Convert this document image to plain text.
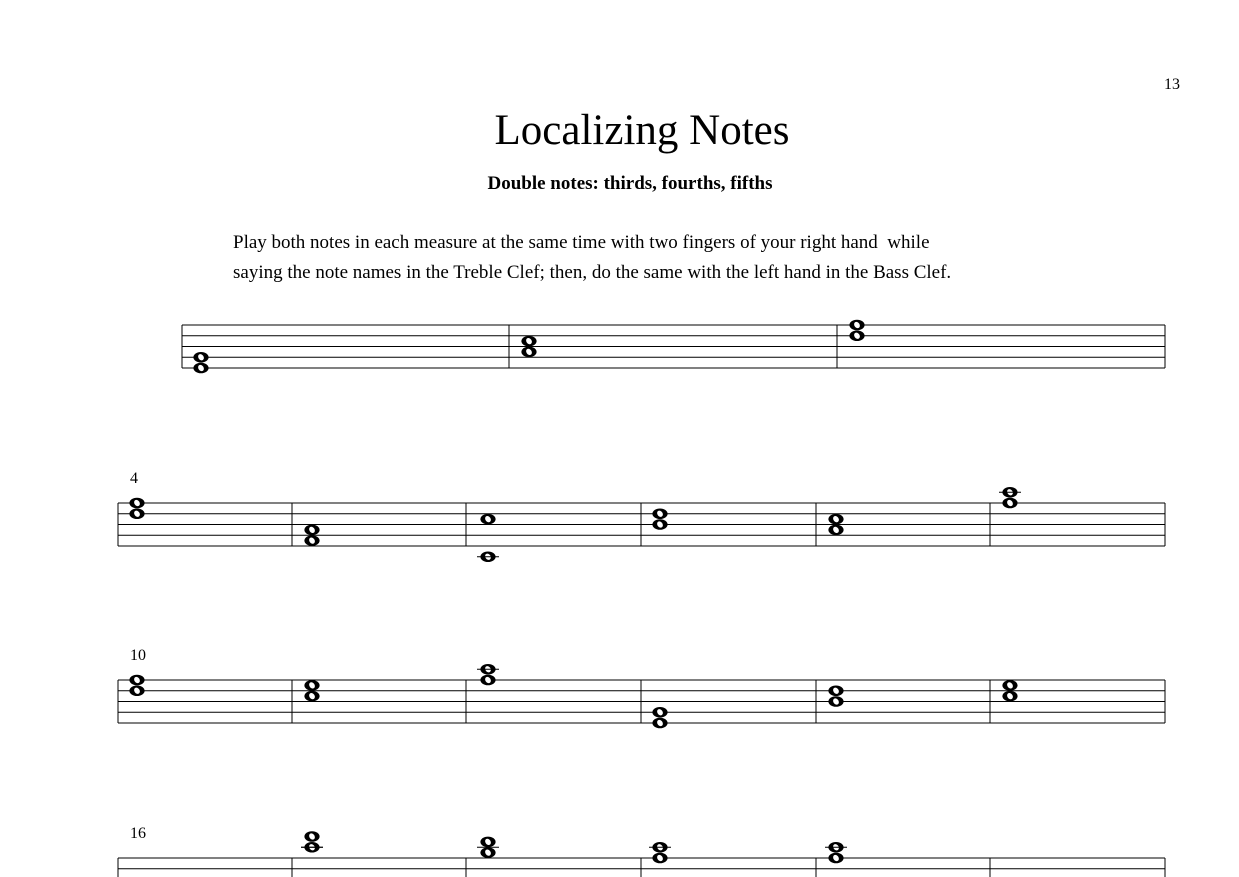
13
Localizing Notes
Double notes: thirds, fourths, fifths
Play both notes in each measure at the same time with two fingers of your right hand  while
saying the note names in the Treble Clef; then, do the same with the left hand in the Bass Clef.
4
10
16
